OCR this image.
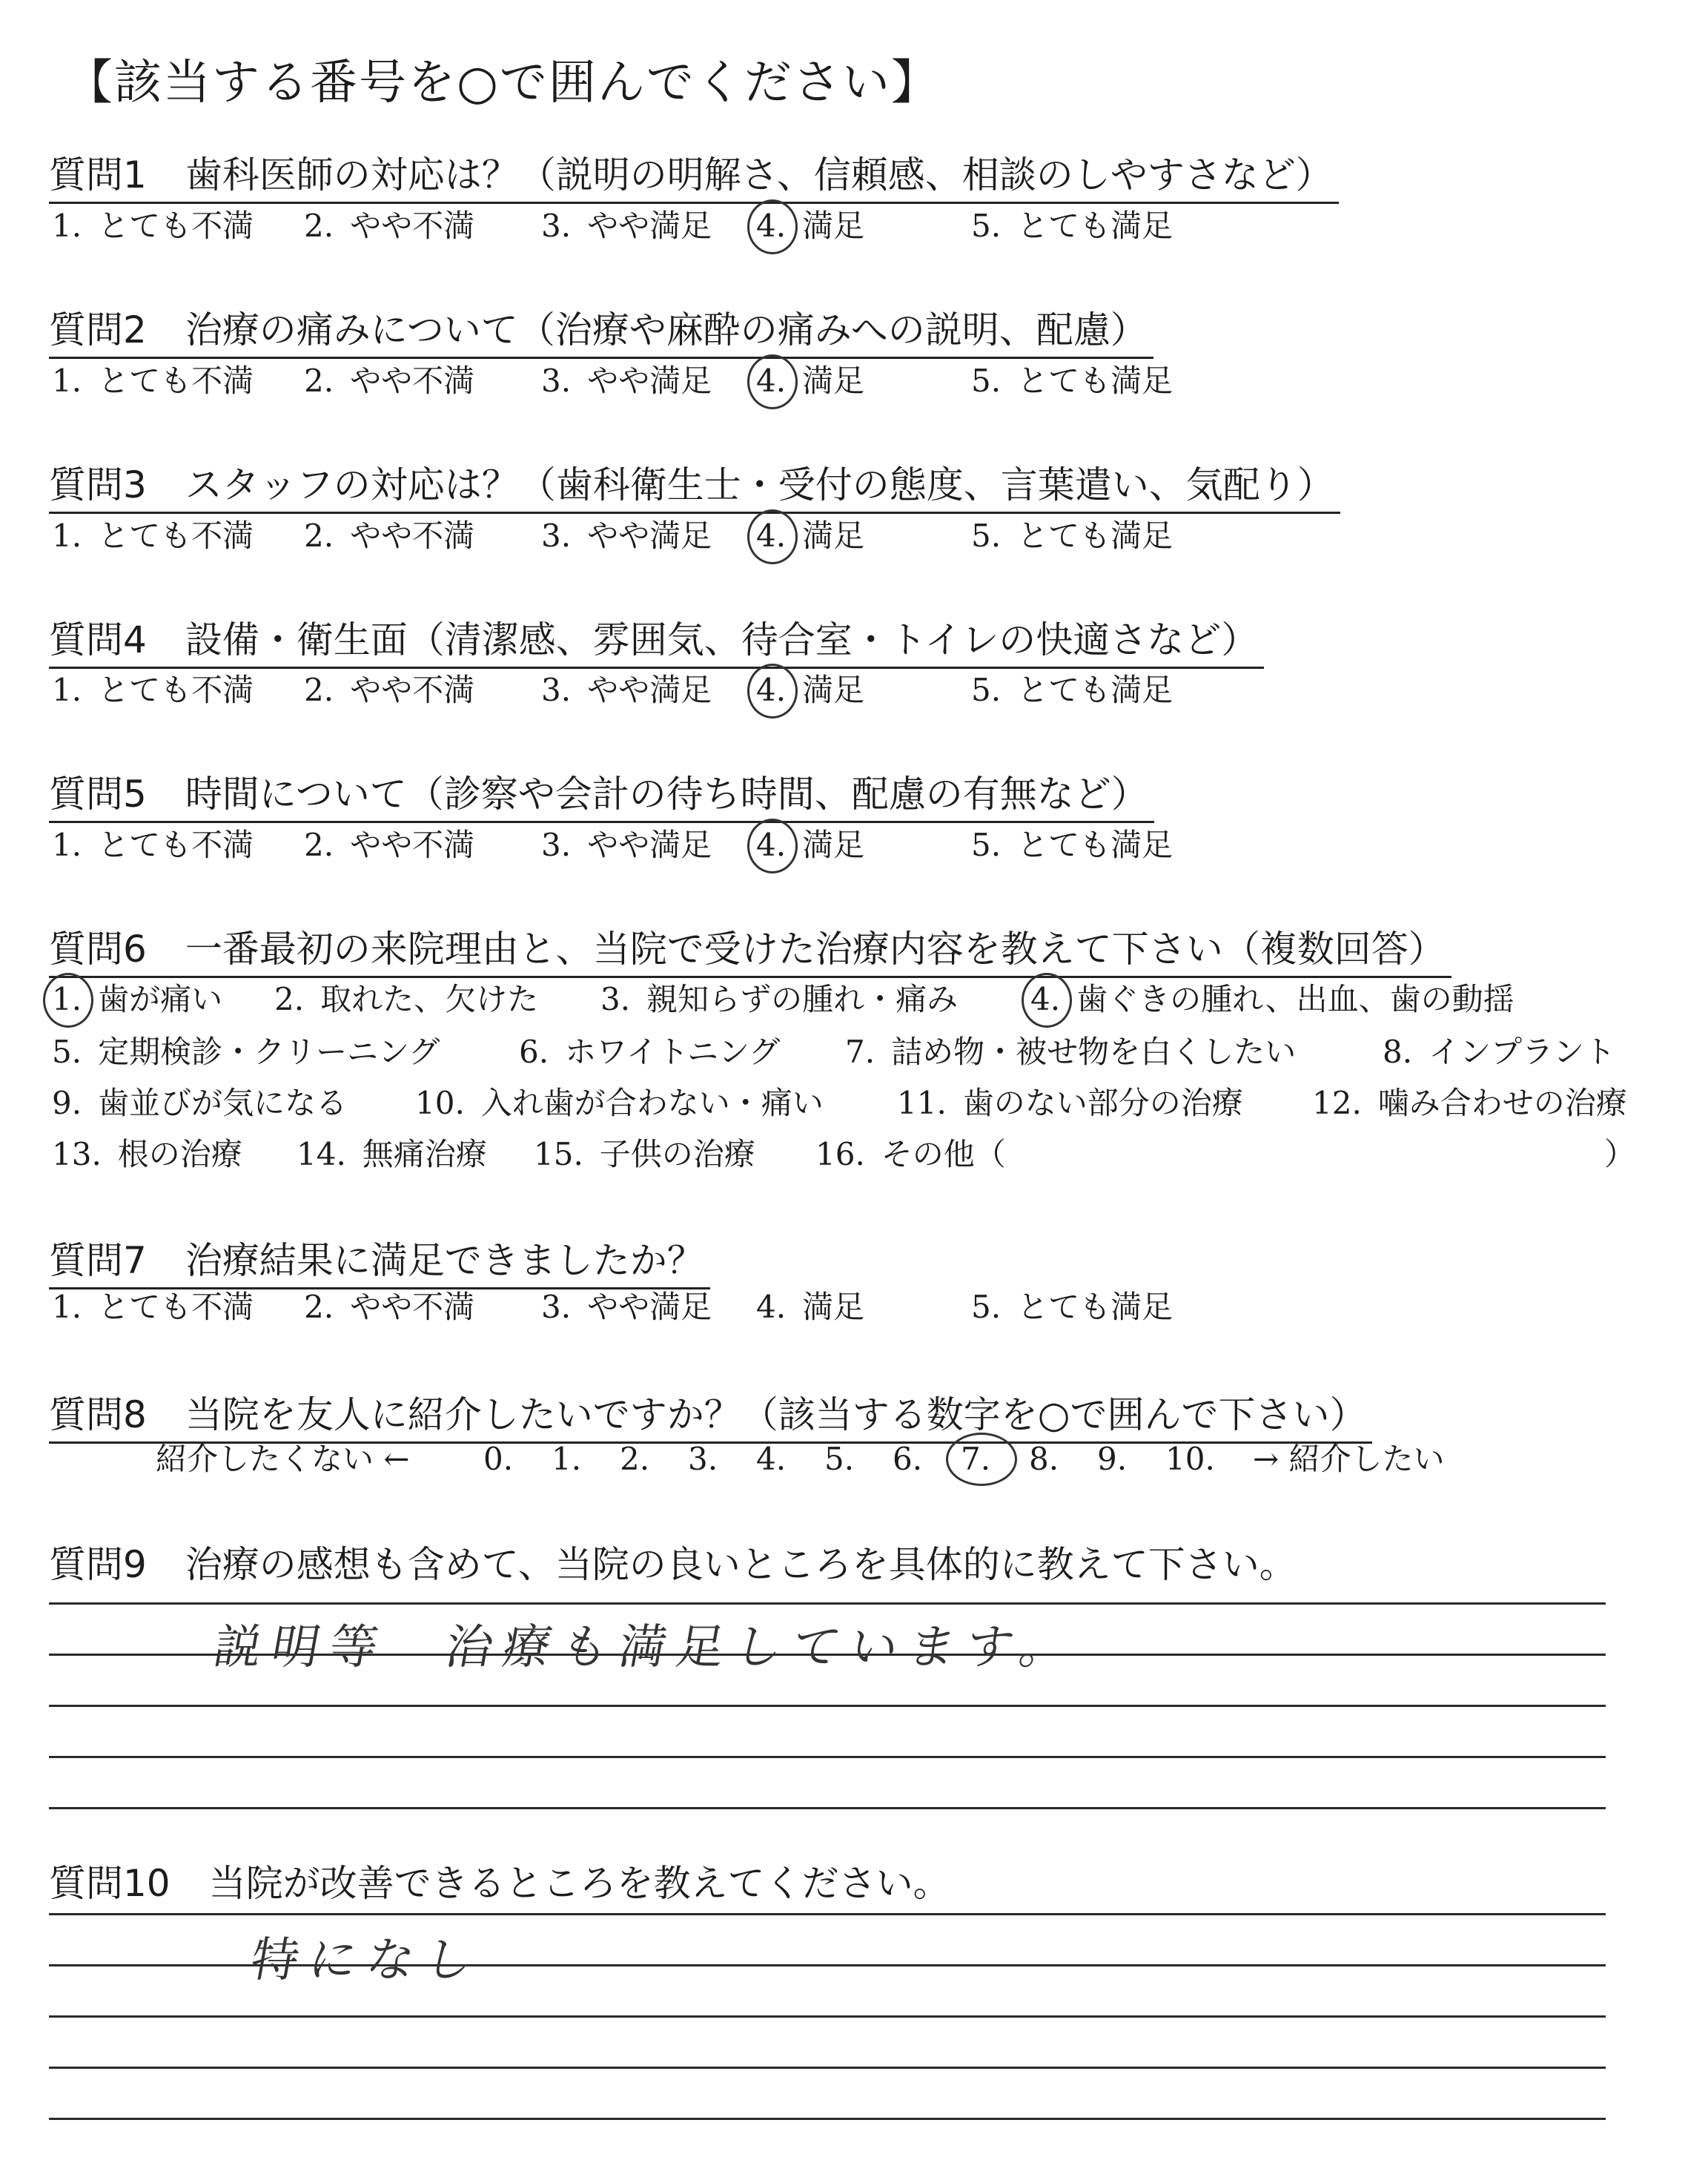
【該当する番号を○で囲んでください】
質問1 歯科医師の対応は？（説明の明解さ、信頼感、相談のしやすさなど）
1. とても不満 2. やや不満 3. やや満足 4. 満足	5. とても満足
質問2 治療の痛みについて（治療や麻酔の痛みへの説明、配慮）
1. とても不満 2. やや不満 3. やや満足 4. 満足	5. とても満足
質問3 スタッフの対応は？（歯科衛生士・受付の態度、言葉遣い、気配り）
1. とても不満 2. やや不満 3. やや満足 4. 満足	5. とても満足
質問4 設備・衛生面（清潔感、雰囲気、待合室・トイレの快適さなど）
1. とても不満 2. やや不満 3. やや満足 4. 満足	5. とても満足
質問5 時間について（診察や会計の待ち時間、配慮の有無など）
1. とても不満 2. やや不満 3. やや満足 4. 満足	5. とても満足
質問6 一番最初の来院理由と、当院で受けた治療内容を教えて下さい（複数回答）
1. 歯が痛い 2. 取れた、欠けた 3. 親知らずの腫れ・痛み 4. 歯ぐきの腫れ、出血、歯の動揺
5. 定期検診・クリーニング	6. ホワイトニング 7. 詰め物・被せ物を白くしたい	8. インプラント
9. 歯並びが気になる 10. 入れ歯が合わない・痛い 11. 歯のない部分の治療 12. 噛み合わせの治療
13. 根の治療 14. 無痛治療 15. 子供の治療 16. その他（	）
質問7 治療結果に満足できましたか？
1. とても不満 2. やや不満 3. やや満足 4. 満足	5. とても満足
質問8 当院を友人に紹介したいですか？（該当する数字を○で囲んで下さい）
紹介したくない ← 0. 1. 2. 3. 4. 5. 6. 7. 8. 9. 10. → 紹介したい
質問9 治療の感想も含めて、当院の良いところを具体的に教えて下さい。
説明等　治療も満足しています。
質問10 当院が改善できるところを教えてください。
特になし
